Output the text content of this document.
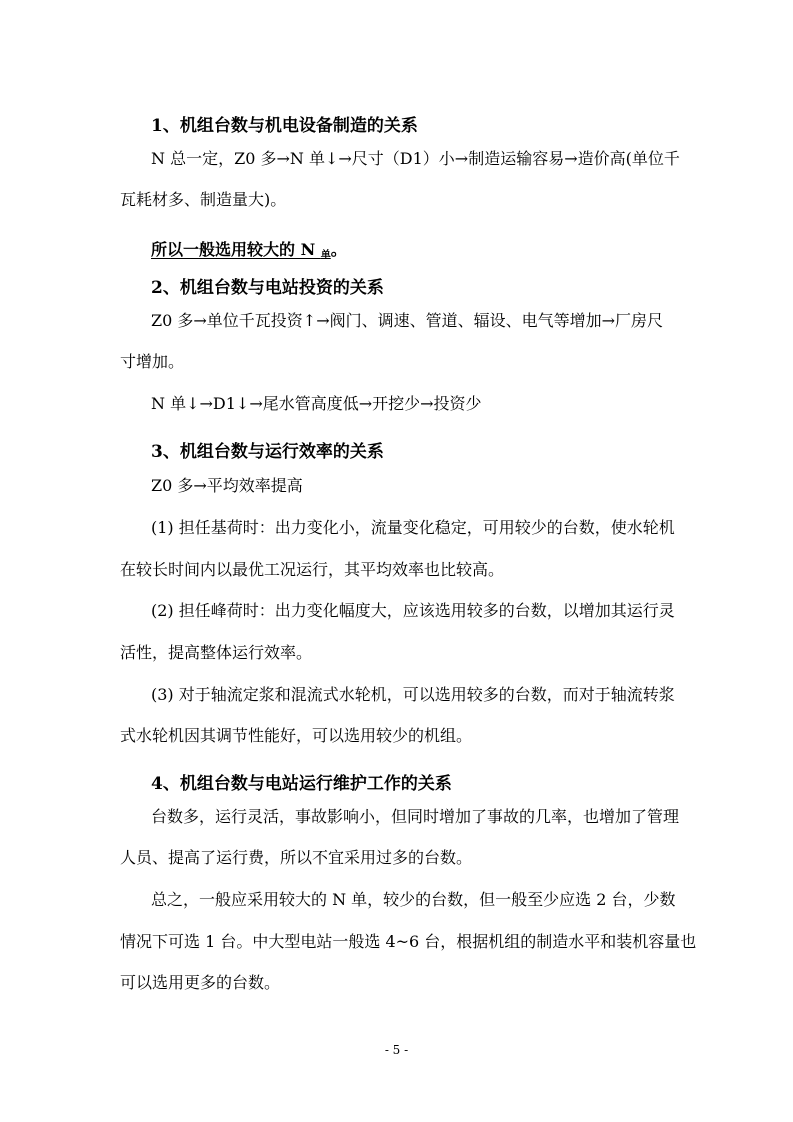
1、机组台数与机电设备制造的关系
N 总一定，Z0 多→N 单↓→尺寸（D1）小→制造运输容易→造价高(单位千
瓦耗材多、制造量大)。
所以一般选用较大的 N $_单$。
2、机组台数与电站投资的关系
Z0 多→单位千瓦投资↑→阀门、调速、管道、辐设、电气等增加→厂房尺
寸增加。
N 单↓→D1↓→尾水管高度低→开挖少→投资少
3、机组台数与运行效率的关系
Z0 多→平均效率提高
(1) 担任基荷时：出力变化小，流量变化稳定，可用较少的台数，使水轮机
在较长时间内以最优工况运行，其平均效率也比较高。
(2) 担任峰荷时：出力变化幅度大，应该选用较多的台数，以增加其运行灵
活性，提高整体运行效率。
(3) 对于轴流定浆和混流式水轮机，可以选用较多的台数，而对于轴流转浆
式水轮机因其调节性能好，可以选用较少的机组。
4、机组台数与电站运行维护工作的关系
台数多，运行灵活，事故影响小，但同时增加了事故的几率，也增加了管理
人员、提高了运行费，所以不宜采用过多的台数。
总之，一般应采用较大的 N 单，较少的台数，但一般至少应选 2 台，少数
情况下可选 1 台。中大型电站一般选 4~6 台，根据机组的制造水平和装机容量也
可以选用更多的台数。
- 5 -
